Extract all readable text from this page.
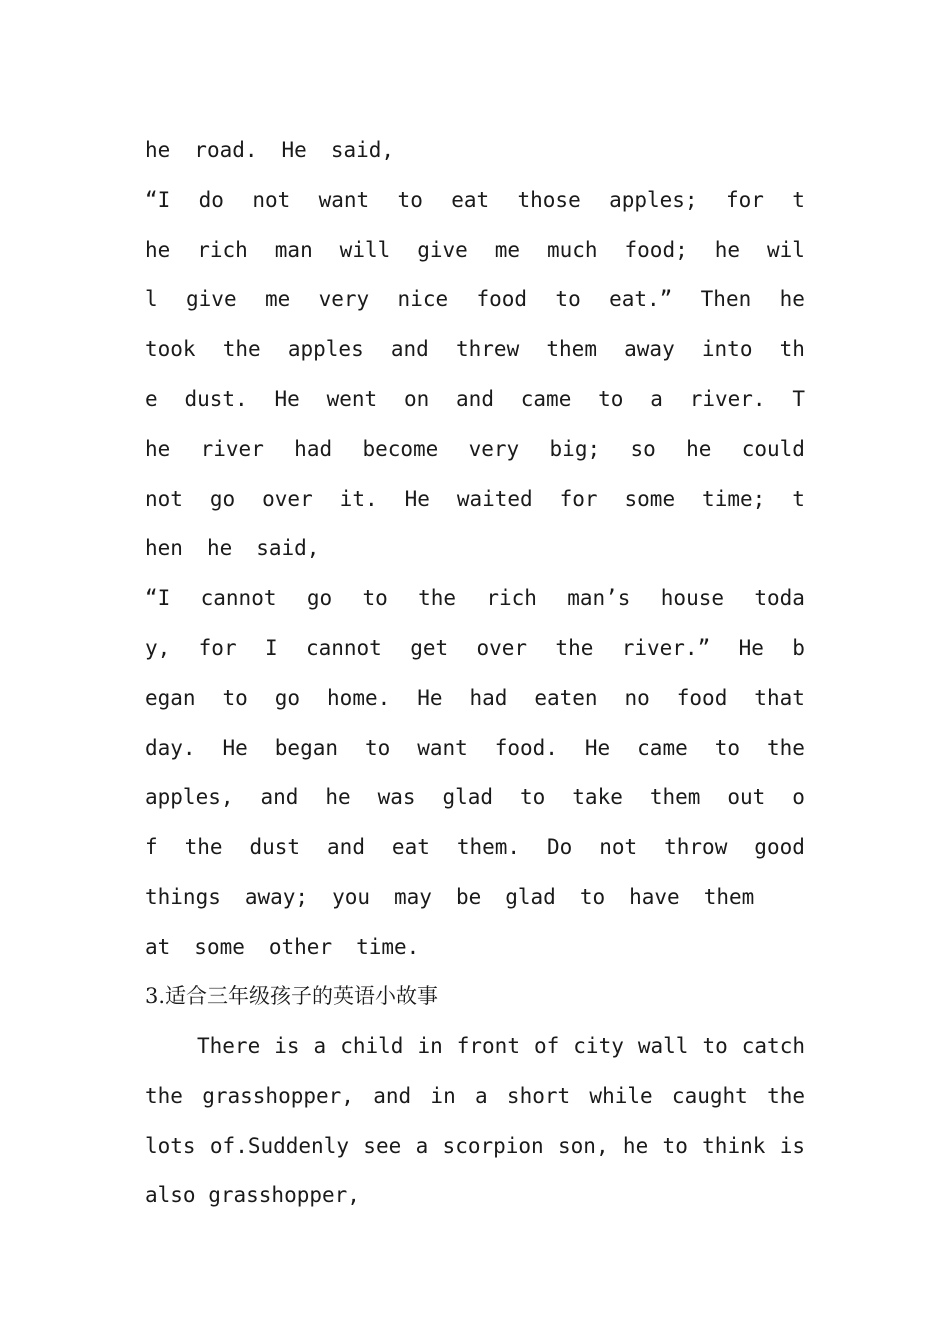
he road. He said,
“I do not want to eat those apples; for t
he rich man will give me much food; he wil
l give me very nice food to eat.” Then he
took the apples and threw them away into th
e dust. He went on and came to a river. T
he river had become very big; so he could
not go over it. He waited for some time; t
hen he said,
“I cannot go to the rich man’s house toda
y, for I cannot get over the river.” He b
egan to go home. He had eaten no food that
day. He began to want food. He came to the
apples, and he was glad to take them out o
f the dust and eat them. Do not throw good
things away; you may be glad to have them
at some other time.
3.适合三年级孩子的英语小故事
There is a child in front of city wall to catch
the grasshopper, and in a short while caught the
lots of.Suddenly see a scorpion son, he to think is
also grasshopper,
